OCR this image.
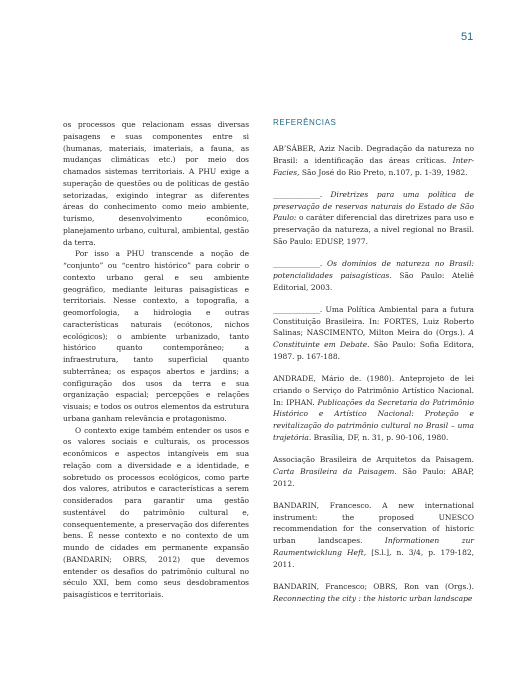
51

os processos que relacionam essas diversas paisagens e suas componentes entre si (humanas, materiais, imateriais, a fauna, as mudanças climáticas etc.) por meio dos chamados sistemas territoriais. A PHU exige a superação de questões ou de políticas de gestão setorizadas, exigindo integrar as diferentes áreas do conhecimento como meio ambiente, turismo, desenvolvimento econômico, planejamento urbano, cultural, ambiental, gestão da terra.

Por isso a PHU transcende a noção de “conjunto” ou “centro histórico” para cobrir o contexto urbano geral e seu ambiente geográfico, mediante leituras paisagísticas e territoriais. Nesse contexto, a topografia, a geomorfologia, a hidrologia e outras características naturais (ecótonos, nichos ecológicos); o ambiente urbanizado, tanto histórico quanto contemporâneo; a infraestrutura, tanto superficial quanto subterrânea; os espaços abertos e jardins; a configuração dos usos da terra e sua organização espacial; percepções e relações visuais; e todos os outros elementos da estrutura urbana ganham relevância e protagonismo.

O contexto exige também entender os usos e os valores sociais e culturais, os processos econômicos e aspectos intangíveis em sua relação com a diversidade e a identidade, e sobretudo os processos ecológicos, como parte dos valores, atributos e características a serem considerados para garantir uma gestão sustentável do patrimônio cultural e, consequentemente, a preservação dos diferentes bens. É nesse contexto e no contexto de um mundo de cidades em permanente expansão (BANDARIN; OBRS, 2012) que devemos entender os desafios do patrimônio cultural no século XXI, bem como seus desdobramentos paisagísticos e territoriais.

REFERÊNCIAS

AB’SÁBER, Aziz Nacib. Degradação da natureza no Brasil: a identificação das áreas críticas. Inter-Facies, São José do Rio Preto, n.107, p. 1-39, 1982.

______________. Diretrizes para uma política de preservação de reservas naturais do Estado de São Paulo: o caráter diferencial das diretrizes para uso e preservação da natureza, a nível regional no Brasil. São Paulo: EDUSP, 1977.

______________. Os domínios de natureza no Brasil: potencialidades paisagísticas. São Paulo: Ateliê Editorial, 2003.

______________. Uma Política Ambiental para a futura Constituição Brasileira. In: FORTES, Luiz Roberto Salinas; NASCIMENTO, Milton Meira do (Orgs.). A Constituinte em Debate. São Paulo: Sofia Editora, 1987. p. 167-188.

ANDRADE, Mário de. (1980). Anteprojeto de lei criando o Serviço do Patrimônio Artístico Nacional. In: IPHAN. Publicações da Secretaria do Patrimônio Histórico e Artístico Nacional: Proteção e revitalização do patrimônio cultural no Brasil – uma trajetória. Brasília, DF, n. 31, p. 90-106, 1980.

Associação Brasileira de Arquitetos da Paisagem. Carta Brasileira da Paisagem. São Paulo: ABAP, 2012.

BANDARIN, Francesco. A new international instrument: the proposed UNESCO recommendation for the conservation of historic urban landscapes.	Informationen zur Raumentwicklung Heft, [S.l.], n. 3/4, p. 179-182, 2011.

BANDARIN, Francesco; OBRS, Ron van (Orgs.). Reconnecting the city : the historic urban landscape
